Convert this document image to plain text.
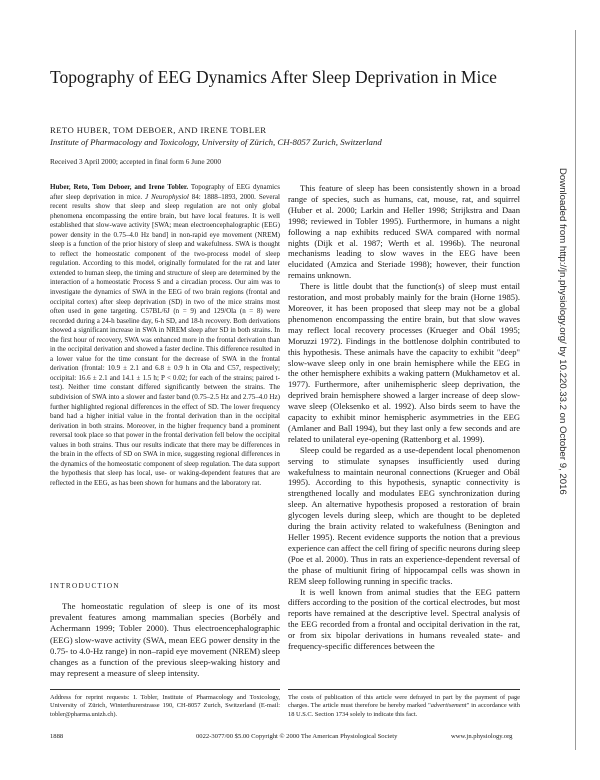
Topography of EEG Dynamics After Sleep Deprivation in Mice
RETO HUBER, TOM DEBOER, AND IRENE TOBLER
Institute of Pharmacology and Toxicology, University of Zürich, CH-8057 Zurich, Switzerland
Received 3 April 2000; accepted in final form 6 June 2000
Huber, Reto, Tom Deboer, and Irene Tobler. Topography of EEG dynamics after sleep deprivation in mice. J Neurophysiol 84: 1888–1893, 2000. Several recent results show that sleep and sleep regulation are not only global phenomena encompassing the entire brain, but have local features. It is well established that slow-wave activity [SWA; mean electroencephalographic (EEG) power density in the 0.75–4.0 Hz band] in non-rapid eye movement (NREM) sleep is a function of the prior history of sleep and wakefulness. SWA is thought to reflect the homeostatic component of the two-process model of sleep regulation. According to this model, originally formulated for the rat and later extended to human sleep, the timing and structure of sleep are determined by the interaction of a homeostatic Process S and a circadian process. Our aim was to investigate the dynamics of SWA in the EEG of two brain regions (frontal and occipital cortex) after sleep deprivation (SD) in two of the mice strains most often used in gene targeting. C57BL/6J (n = 9) and 129/Ola (n = 8) were recorded during a 24-h baseline day, 6-h SD, and 18-h recovery. Both derivations showed a significant increase in SWA in NREM sleep after SD in both strains. In the first hour of recovery, SWA was enhanced more in the frontal derivation than in the occipital derivation and showed a faster decline. This difference resulted in a lower value for the time constant for the decrease of SWA in the frontal derivation (frontal: 10.9 ± 2.1 and 6.8 ± 0.9 h in Ola and C57, respectively; occipital: 16.6 ± 2.1 and 14.1 ± 1.5 h; P < 0.02; for each of the strains; paired t-test). Neither time constant differed significantly between the strains. The subdivision of SWA into a slower and faster band (0.75–2.5 Hz and 2.75–4.0 Hz) further highlighted regional differences in the effect of SD. The lower frequency band had a higher initial value in the frontal derivation than in the occipital derivation in both strains. Moreover, in the higher frequency band a prominent reversal took place so that power in the frontal derivation fell below the occipital values in both strains. Thus our results indicate that there may be differences in the brain in the effects of SD on SWA in mice, suggesting regional differences in the dynamics of the homeostatic component of sleep regulation. The data support the hypothesis that sleep has local, use- or waking-dependent features that are reflected in the EEG, as has been shown for humans and the laboratory rat.
INTRODUCTION

The homeostatic regulation of sleep is one of its most prevalent features among mammalian species (Borbély and Achermann 1999; Tobler 2000). Thus electroencephalographic (EEG) slow-wave activity (SWA, mean EEG power density in the 0.75- to 4.0-Hz range) in non–rapid eye movement (NREM) sleep changes as a function of the previous sleep-waking history and may represent a measure of sleep intensity.

This feature of sleep has been consistently shown in a broad range of species, such as humans, cat, mouse, rat, and squirrel (Huber et al. 2000; Larkin and Heller 1998; Strijkstra and Daan 1998; reviewed in Tobler 1995). Furthermore, in humans a night following a nap exhibits reduced SWA compared with normal nights (Dijk et al. 1987; Werth et al. 1996b). The neuronal mechanisms leading to slow waves in the EEG have been elucidated (Amzica and Steriade 1998); however, their function remains unknown.

There is little doubt that the function(s) of sleep must entail restoration, and most probably mainly for the brain (Horne 1985). Moreover, it has been proposed that sleep may not be a global phenomenon encompassing the entire brain, but that slow waves may reflect local recovery processes (Krueger and Obál 1995; Moruzzi 1972). Findings in the bottlenose dolphin contributed to this hypothesis. These animals have the capacity to exhibit "deep" slow-wave sleep only in one brain hemisphere while the EEG in the other hemisphere exhibits a waking pattern (Mukhametov et al. 1977). Furthermore, after unihemispheric sleep deprivation, the deprived brain hemisphere showed a larger increase of deep slow-wave sleep (Oleksenko et al. 1992). Also birds seem to have the capacity to exhibit minor hemispheric asymmetries in the EEG (Amlaner and Ball 1994), but they last only a few seconds and are related to unilateral eye-opening (Rattenborg et al. 1999).

Sleep could be regarded as a use-dependent local phenomenon serving to stimulate synapses insufficiently used during wakefulness to maintain neuronal connections (Krueger and Obál 1995). According to this hypothesis, synaptic connectivity is strengthened locally and modulates EEG synchronization during sleep. An alternative hypothesis proposed a restoration of brain glycogen levels during sleep, which are thought to be depleted during the brain activity related to wakefulness (Benington and Heller 1995). Recent evidence supports the notion that a previous experience can affect the cell firing of specific neurons during sleep (Poe et al. 2000). Thus in rats an experience-dependent reversal of the phase of multiunit firing of hippocampal cells was shown in REM sleep following running in specific tracks.

It is well known from animal studies that the EEG pattern differs according to the position of the cortical electrodes, but most reports have remained at the descriptive level. Spectral analysis of the EEG recorded from a frontal and occipital derivation in the rat, or from six bipolar derivations in humans revealed state- and frequency-specific differences between the

Address for reprint requests: I. Tobler, Institute of Pharmacology and Toxicology, University of Zürich, Winterthurerstrasse 190, CH-8057 Zurich, Switzerland (E-mail: tobler@pharma.unizh.ch).
The costs of publication of this article were defrayed in part by the payment of page charges. The article must therefore be hereby marked "advertisement" in accordance with 18 U.S.C. Section 1734 solely to indicate this fact.
1888	0022-3077/00 $5.00 Copyright © 2000 The American Physiological Society	www.jn.physiology.org
Downloaded from http://jn.physiology.org/ by 10.220.33.2 on October 9, 2016
